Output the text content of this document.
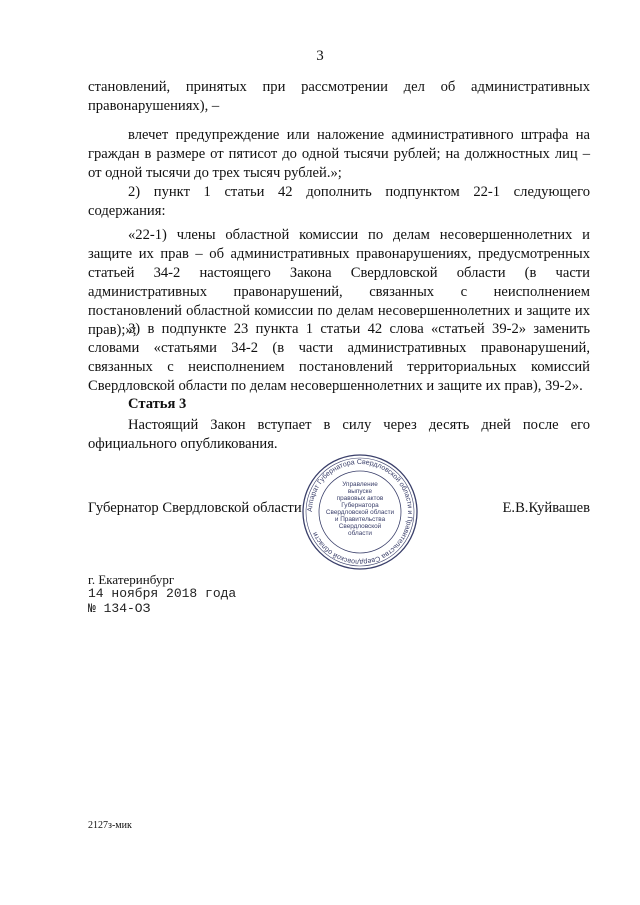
3

становлений, принятых при рассмотрении дел об административных правонарушениях), –

влечет предупреждение или наложение административного штрафа на граждан в размере от пятисот до одной тысячи рублей; на должностных лиц – от одной тысячи до трех тысяч рублей.»;

2) пункт 1 статьи 42 дополнить подпунктом 22-1 следующего содержания:

«22-1) члены областной комиссии по делам несовершеннолетних и защите их прав – об административных правонарушениях, предусмотренных статьей 34-2 настоящего Закона Свердловской области (в части административных правонарушений, связанных с неисполнением постановлений областной комиссии по делам несовершеннолетних и защите их прав);»;

3) в подпункте 23 пункта 1 статьи 42 слова «статьей 39-2» заменить словами «статьями 34-2 (в части административных правонарушений, связанных с неисполнением постановлений территориальных комиссий Свердловской области по делам несовершеннолетних и защите их прав), 39-2».

Статья 3

Настоящий Закон вступает в силу через десять дней после его официального опубликования.

Губернатор Свердловской области	Е.В.Куйвашев
Аппарат Губернатора Свердловской области и Правительства Свердловской области
Управление
выпуске
правовых актов
Губернатора
Свердловской области
и Правительства
Свердловской
области
г. Екатеринбург
14 ноября 2018 года
№ 134-ОЗ
2127з-мик
